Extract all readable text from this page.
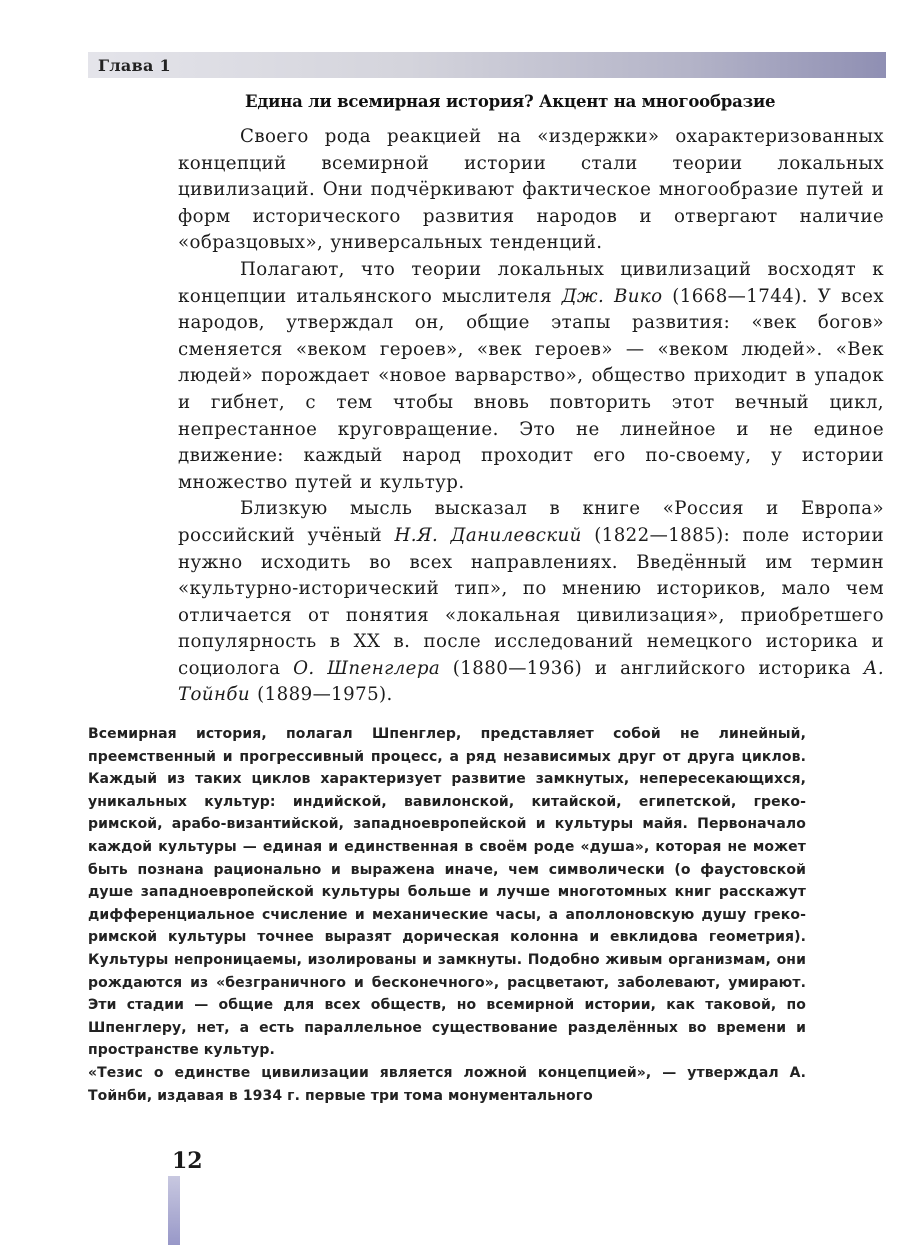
Глава 1
Едина ли всемирная история? Акцент на многообразие

Своего рода реакцией на «издержки» охарактеризованных концепций всемирной истории стали теории локальных цивилизаций. Они подчёркивают фактическое многообразие путей и форм исторического развития народов и отвергают наличие «образцовых», универсальных тенденций.

Полагают, что теории локальных цивилизаций восходят к концепции итальянского мыслителя Дж. Вико (1668—1744). У всех народов, утверждал он, общие этапы развития: «век богов» сменяется «веком героев», «век героев» — «веком людей». «Век людей» порождает «новое варварство», общество приходит в упадок и гибнет, с тем чтобы вновь повторить этот вечный цикл, непрестанное круговращение. Это не линейное и не единое движение: каждый народ проходит его по-своему, у истории множество путей и культур.

Близкую мысль высказал в книге «Россия и Европа» российский учёный Н.Я. Данилевский (1822—1885): поле истории нужно исходить во всех направлениях. Введённый им термин «культурно-исторический тип», по мнению историков, мало чем отличается от понятия «локальная цивилизация», приобретшего популярность в XX в. после исследований немецкого историка и социолога О. Шпенглера (1880—1936) и английского историка А. Тойнби (1889—1975).

Всемирная история, полагал Шпенглер, представляет собой не линейный, преемственный и прогрессивный процесс, а ряд независимых друг от друга циклов. Каждый из таких циклов характеризует развитие замкнутых, непересекающихся, уникальных культур: индийской, вавилонской, китайской, египетской, греко-римской, арабо-византийской, западноевропейской и культуры майя. Первоначало каждой культуры — единая и единственная в своём роде «душа», которая не может быть познана рационально и выражена иначе, чем символически (о фаустовской душе западноевропейской культуры больше и лучше многотомных книг расскажут дифференциальное счисление и механические часы, а аполлоновскую душу греко-римской культуры точнее выразят дорическая колонна и евклидова геометрия). Культуры непроницаемы, изолированы и замкнуты. Подобно живым организмам, они рождаются из «безграничного и бесконечного», расцветают, заболевают, умирают. Эти стадии — общие для всех обществ, но всемирной истории, как таковой, по Шпенглеру, нет, а есть параллельное существование разделённых во времени и пространстве культур.

«Тезис о единстве цивилизации является ложной концепцией», — утверждал А. Тойнби, издавая в 1934 г. первые три тома монументального

12
